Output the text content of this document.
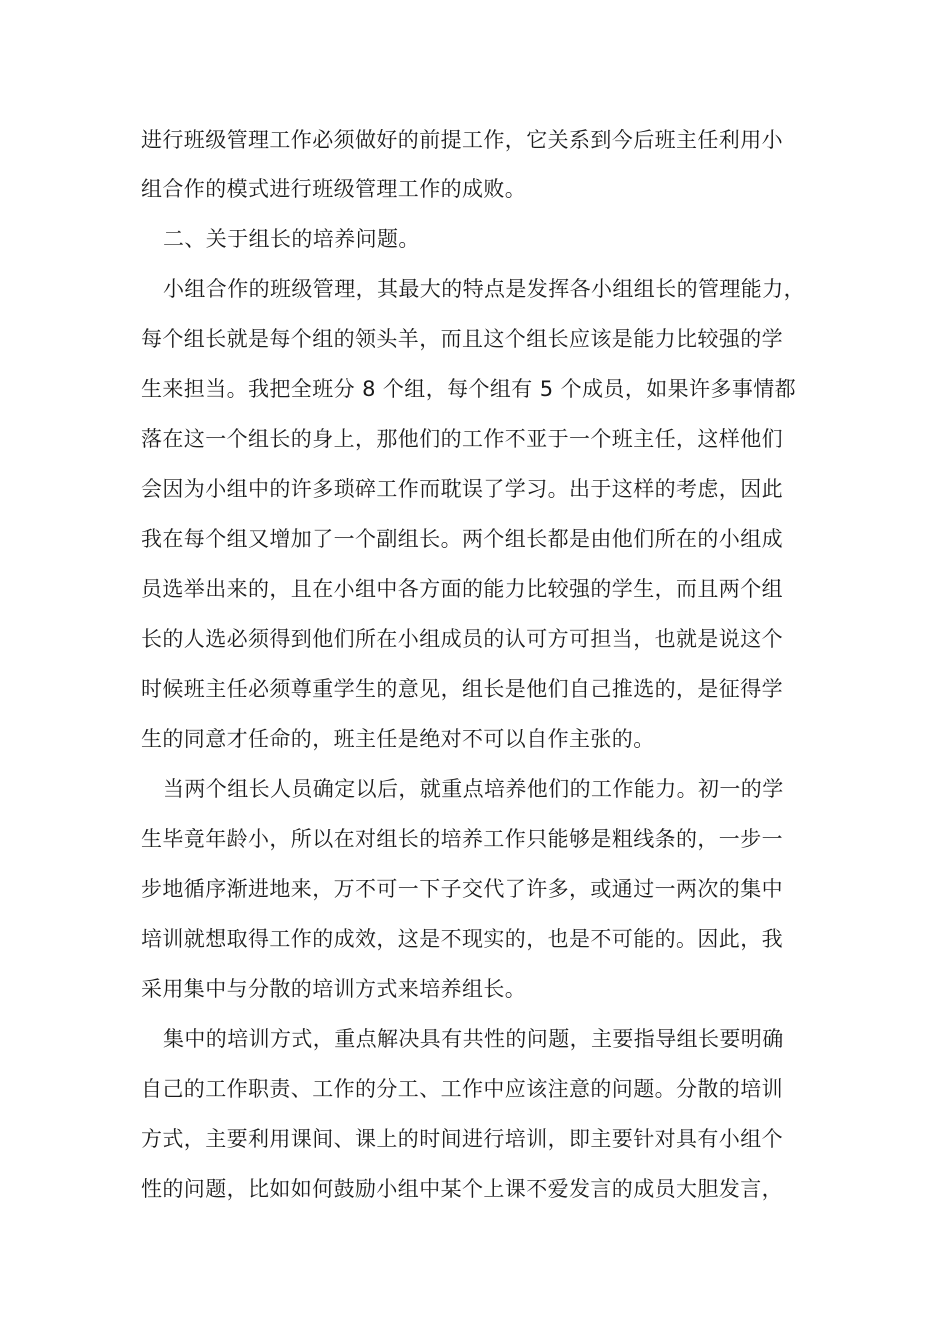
进行班级管理工作必须做好的前提工作，它关系到今后班主任利用小
组合作的模式进行班级管理工作的成败。
二、关于组长的培养问题。
小组合作的班级管理，其最大的特点是发挥各小组组长的管理能力，
每个组长就是每个组的领头羊，而且这个组长应该是能力比较强的学
生来担当。我把全班分 8 个组，每个组有 5 个成员，如果许多事情都
落在这一个组长的身上，那他们的工作不亚于一个班主任，这样他们
会因为小组中的许多琐碎工作而耽误了学习。出于这样的考虑，因此
我在每个组又增加了一个副组长。两个组长都是由他们所在的小组成
员选举出来的，且在小组中各方面的能力比较强的学生，而且两个组
长的人选必须得到他们所在小组成员的认可方可担当，也就是说这个
时候班主任必须尊重学生的意见，组长是他们自己推选的，是征得学
生的同意才任命的，班主任是绝对不可以自作主张的。
当两个组长人员确定以后，就重点培养他们的工作能力。初一的学
生毕竟年龄小，所以在对组长的培养工作只能够是粗线条的，一步一
步地循序渐进地来，万不可一下子交代了许多，或通过一两次的集中
培训就想取得工作的成效，这是不现实的，也是不可能的。因此，我
采用集中与分散的培训方式来培养组长。
集中的培训方式，重点解决具有共性的问题，主要指导组长要明确
自己的工作职责、工作的分工、工作中应该注意的问题。分散的培训
方式，主要利用课间、课上的时间进行培训，即主要针对具有小组个
性的问题，比如如何鼓励小组中某个上课不爱发言的成员大胆发言，
